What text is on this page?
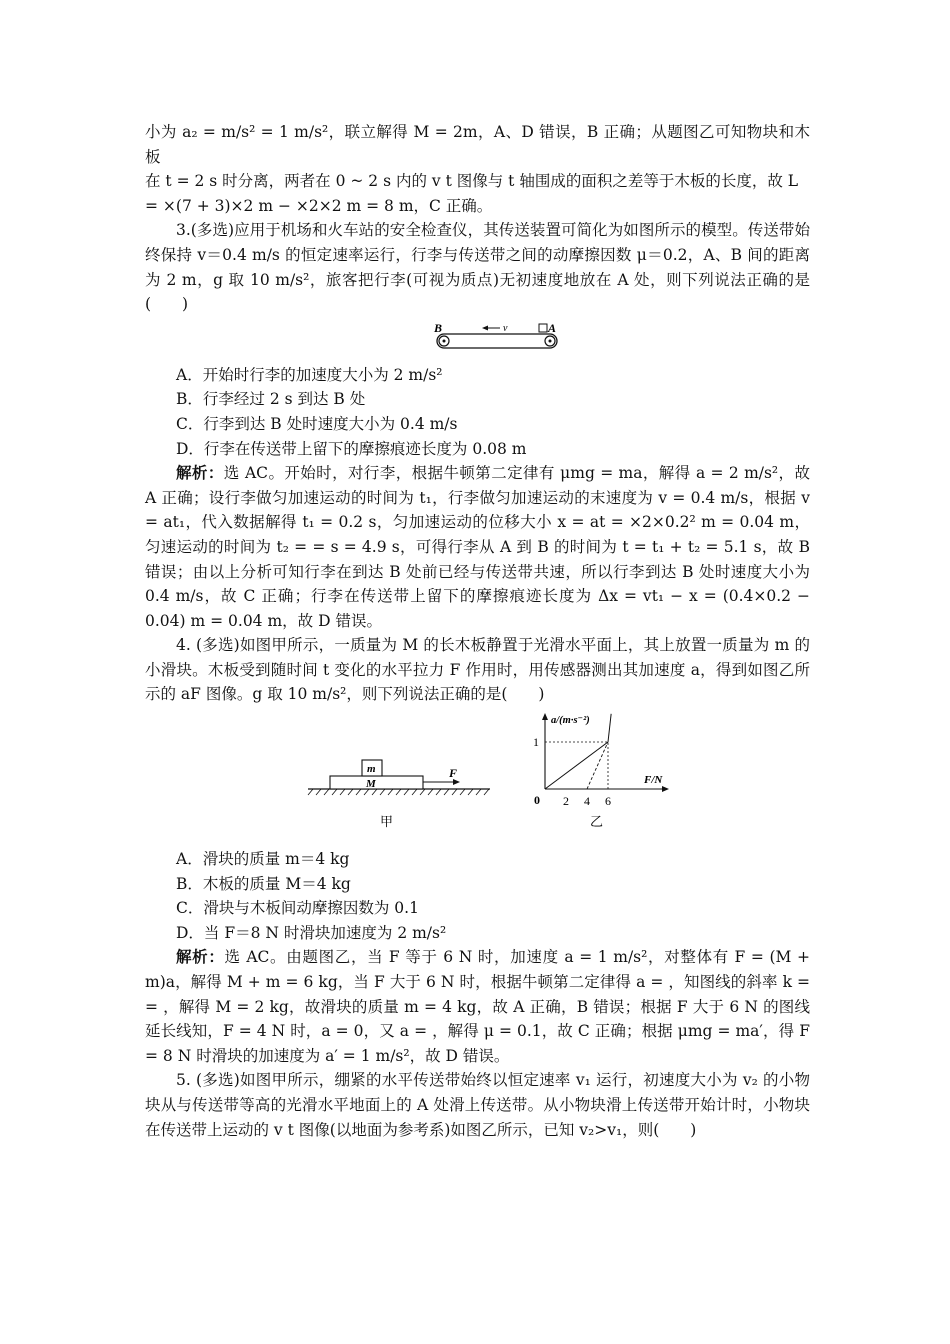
小为 a₂ = m/s² = 1 m/s²，联立解得 M = 2m，A、D 错误，B 正确；从题图乙可知物块和木板

在 t = 2 s 时分离，两者在 0 ~ 2 s 内的 v t 图像与 t 轴围成的面积之差等于木板的长度，故 L

= ×(7 + 3)×2 m − ×2×2 m = 8 m，C 正确。

3.(多选)应用于机场和火车站的安全检查仪，其传送装置可简化为如图所示的模型。传送带始终保持 v＝0.4 m/s 的恒定速率运行，行李与传送带之间的动摩擦因数 μ＝0.2，A、B 间的距离为 2 m，g 取 10 m/s²，旅客把行李(可视为质点)无初速度地放在 A 处，则下列说法正确的是(　　)

B	v	A

A．开始时行李的加速度大小为 2 m/s²

B．行李经过 2 s 到达 B 处

C．行李到达 B 处时速度大小为 0.4 m/s

D．行李在传送带上留下的摩擦痕迹长度为 0.08 m

解析：选 AC。开始时，对行李，根据牛顿第二定律有 μmg = ma，解得 a = 2 m/s²，故 A 正确；设行李做匀加速运动的时间为 t₁，行李做匀加速运动的末速度为 v = 0.4 m/s，根据 v = at₁，代入数据解得 t₁ = 0.2 s，匀加速运动的位移大小 x = at = ×2×0.2² m = 0.04 m，匀速运动的时间为 t₂ = = s = 4.9 s，可得行李从 A 到 B 的时间为 t = t₁ + t₂ = 5.1 s，故 B 错误；由以上分析可知行李在到达 B 处前已经与传送带共速，所以行李到达 B 处时速度大小为 0.4 m/s，故 C 正确；行李在传送带上留下的摩擦痕迹长度为 Δx = vt₁ − x = (0.4×0.2 − 0.04) m = 0.04 m，故 D 错误。

4. (多选)如图甲所示，一质量为 M 的长木板静置于光滑水平面上，其上放置一质量为 m 的小滑块。木板受到随时间 t 变化的水平拉力 F 作用时，用传感器测出其加速度 a，得到如图乙所示的 aF 图像。g 取 10 m/s²，则下列说法正确的是(　　)

m
M
F
甲
a/(m·s⁻²)
F/N
0
1
2 4 6
乙

A．滑块的质量 m＝4 kg

B．木板的质量 M＝4 kg

C．滑块与木板间动摩擦因数为 0.1

D．当 F＝8 N 时滑块加速度为 2 m/s²

解析：选 AC。由题图乙，当 F 等于 6 N 时，加速度 a = 1 m/s²，对整体有 F = (M + m)a，解得 M + m = 6 kg，当 F 大于 6 N 时，根据牛顿第二定律得 a = ，知图线的斜率 k = = ，解得 M = 2 kg，故滑块的质量 m = 4 kg，故 A 正确，B 错误；根据 F 大于 6 N 的图线延长线知，F = 4 N 时，a = 0，又 a = ，解得 μ = 0.1，故 C 正确；根据 μmg = ma′，得 F = 8 N 时滑块的加速度为 a′ = 1 m/s²，故 D 错误。

5. (多选)如图甲所示，绷紧的水平传送带始终以恒定速率 v₁ 运行，初速度大小为 v₂ 的小物块从与传送带等高的光滑水平地面上的 A 处滑上传送带。从小物块滑上传送带开始计时，小物块在传送带上运动的 v t 图像(以地面为参考系)如图乙所示，已知 v₂>v₁，则(　　)
